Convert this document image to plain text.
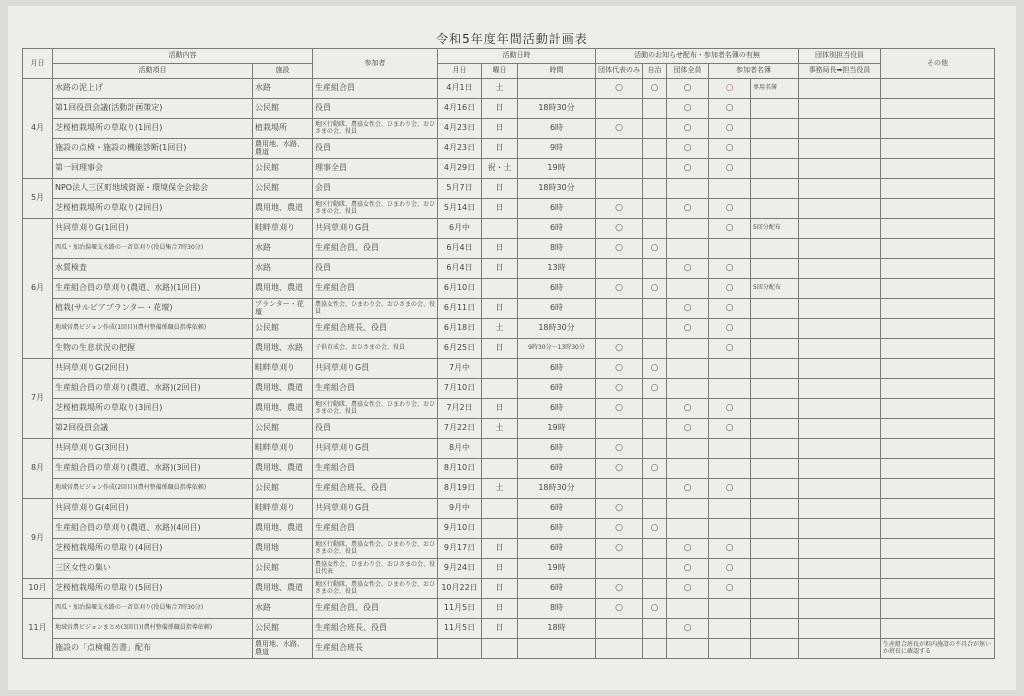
令和5年度年間活動計画表
月日	活動内容		参加者	活動日時			活動のお知らせ配布・参加者名簿の有無					団体別担当役員	その他
	活動項目	施設		月日	曜日	時間	団体代表のみ	自治	団体全員	参加者名簿		事務局長➡担当役員	
4月	水路の泥上げ	水路	生産組合員	4月1日	土		○	○	○	○	専用名簿		
	第1回役員会議(活動計画策定)	公民館	役員	4月16日	日	18時30分			○	○			
	芝桜植栽場所の草取り(1回目)	植栽場所	地区行動隊、農協女性会、ひまわり会、おひさまの会、役員	4月23日	日	6時	○		○	○			
	施設の点検・施設の機能診断(1回目)	農用地、水路、農道	役員	4月23日	日	9時			○	○			
	第一回理事会	公民館	理事全員	4月29日	祝・土	19時			○	○			
5月	NPO法人三区町地域資源・環境保全会総会	公民館	会員	5月7日	日	18時30分							
	芝桜植栽場所の草取り(2回目)	農用地、農道	地区行動隊、農協女性会、ひまわり会、おひさまの会、役員	5月14日	日	6時	○		○	○			
6月	共同草刈りG(1回目)	畦畔草刈り	共同草刈りG員	6月中		6時	○			○	5回分配布		
	西瓜・加治揚堰支水路の一斉草刈り(役員集合7時30分)	水路	生産組合員、役員	6月4日	日	8時	○	○					
	水質検査	水路	役員	6月4日	日	13時			○	○			
	生産組合員の草刈り(農道、水路)(1回目)	農用地、農道	生産組合員	6月10日		6時	○	○		○	5回分配布		
	植栽(サルビアプランター・花壇)	プランター・花壇	農協女性会、ひまわり会、おひさまの会、役員	6月11日	日	6時			○	○			
	地域営農ビジョン作成(1回目)(農村整備係職員指導依頼)	公民館	生産組合班長、役員	6月18日	土	18時30分			○	○			
	生物の生息状況の把握	農用地、水路	子供育成会、おひさまの会、役員	6月25日	日	9時30分～13時30分	○			○			
7月	共同草刈りG(2回目)	畦畔草刈り	共同草刈りG員	7月中		6時	○	○					
	生産組合員の草刈り(農道、水路)(2回目)	農用地、農道	生産組合員	7月10日		6時	○	○					
	芝桜植栽場所の草取り(3回目)	農用地、農道	地区行動隊、農協女性会、ひまわり会、おひさまの会、役員	7月2日	日	6時	○		○	○			
	第2回役員会議	公民館	役員	7月22日	土	19時			○	○			
8月	共同草刈りG(3回目)	畦畔草刈り	共同草刈りG員	8月中		6時	○						
	生産組合員の草刈り(農道、水路)(3回目)	農用地、農道	生産組合員	8月10日		6時	○	○					
	地域営農ビジョン作成(2回目)(農村整備係職員指導依頼)	公民館	生産組合班長、役員	8月19日	土	18時30分			○	○			
9月	共同草刈りG(4回目)	畦畔草刈り	共同草刈りG員	9月中		6時	○						
	生産組合員の草刈り(農道、水路)(4回目)	農用地、農道	生産組合員	9月10日		6時	○	○					
	芝桜植栽場所の草取り(4回目)	農用地	地区行動隊、農協女性会、ひまわり会、おひさまの会、役員	9月17日	日	6時	○		○	○			
	三区女性の集い	公民館	農協女性会、ひまわり会、おひさまの会、役員代表	9月24日	日	19時			○	○			
10月	芝桜植栽場所の草取り(5回目)	農用地、農道	地区行動隊、農協女性会、ひまわり会、おひさまの会、役員	10月22日	日	6時	○		○	○			
11月	西瓜・加治揚堰支水路の一斉草刈り(役員集合7時30分)	水路	生産組合員、役員	11月5日	日	8時	○	○					
	地域営農ビジョンまとめ(3回目)(農村整備係職員指導依頼)	公民館	生産組合班長、役員	11月5日	日	18時			○				
	施設の「点検報告書」配布	農用地、水路、農道	生産組合班長										生産組合班長が担内施設の不具合が無いか班長に確認する
